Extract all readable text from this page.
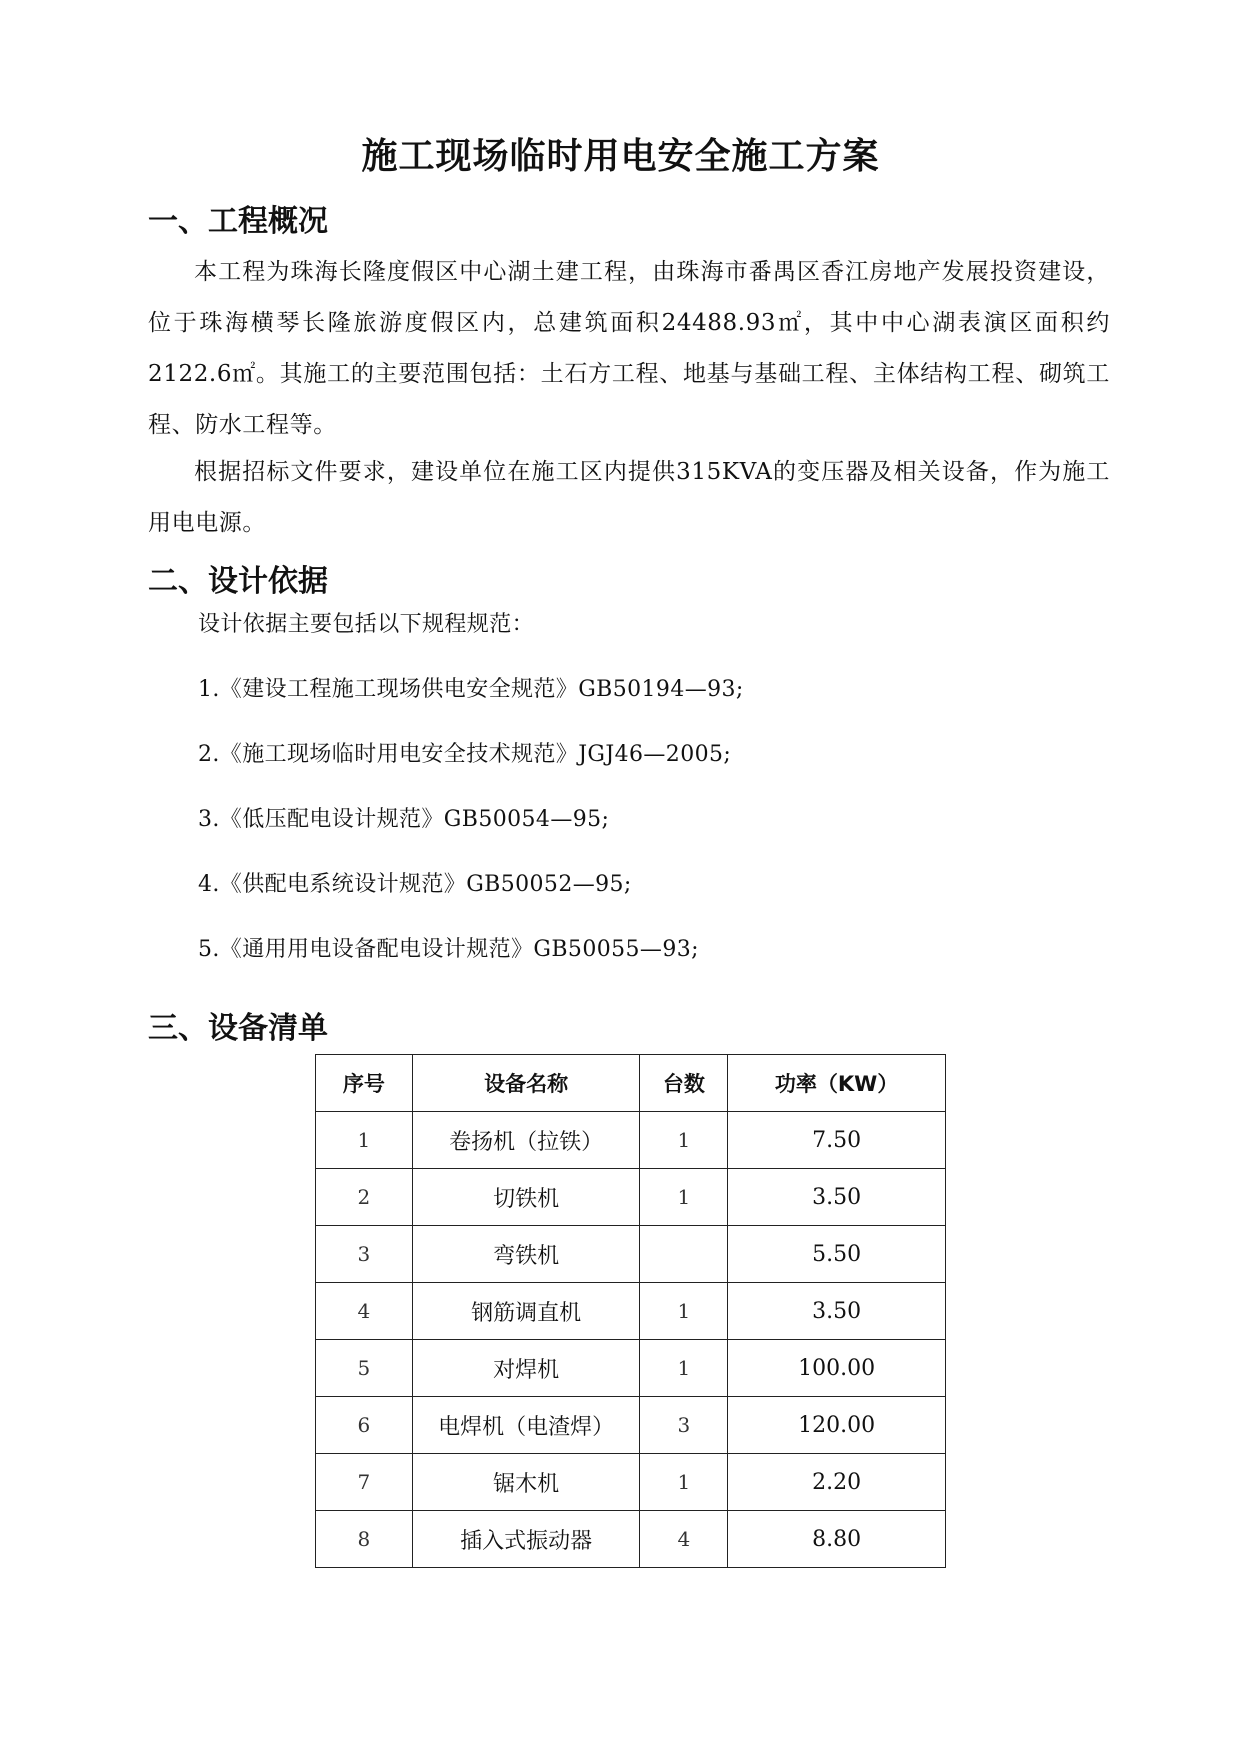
施工现场临时用电安全施工方案
一、工程概况
本工程为珠海长隆度假区中心湖土建工程，由珠海市番禺区香江房地产发展投资建设，位于珠海横琴长隆旅游度假区内，总建筑面积24488.93㎡，其中中心湖表演区面积约2122.6㎡。其施工的主要范围包括：土石方工程、地基与基础工程、主体结构工程、砌筑工程、防水工程等。
根据招标文件要求，建设单位在施工区内提供315KVA的变压器及相关设备，作为施工用电电源。
二、设计依据
设计依据主要包括以下规程规范：
1.《建设工程施工现场供电安全规范》GB50194—93;
2.《施工现场临时用电安全技术规范》JGJ46—2005;
3.《低压配电设计规范》GB50054—95;
4.《供配电系统设计规范》GB50052—95;
5.《通用用电设备配电设计规范》GB50055—93;
三、设备清单
序号	设备名称	台数	功率（KW）
1	卷扬机（拉铁）	1	7.50
2	切铁机	1	3.50
3	弯铁机		5.50
4	钢筋调直机	1	3.50
5	对焊机	1	100.00
6	电焊机（电渣焊）	3	120.00
7	锯木机	1	2.20
8	插入式振动器	4	8.80
